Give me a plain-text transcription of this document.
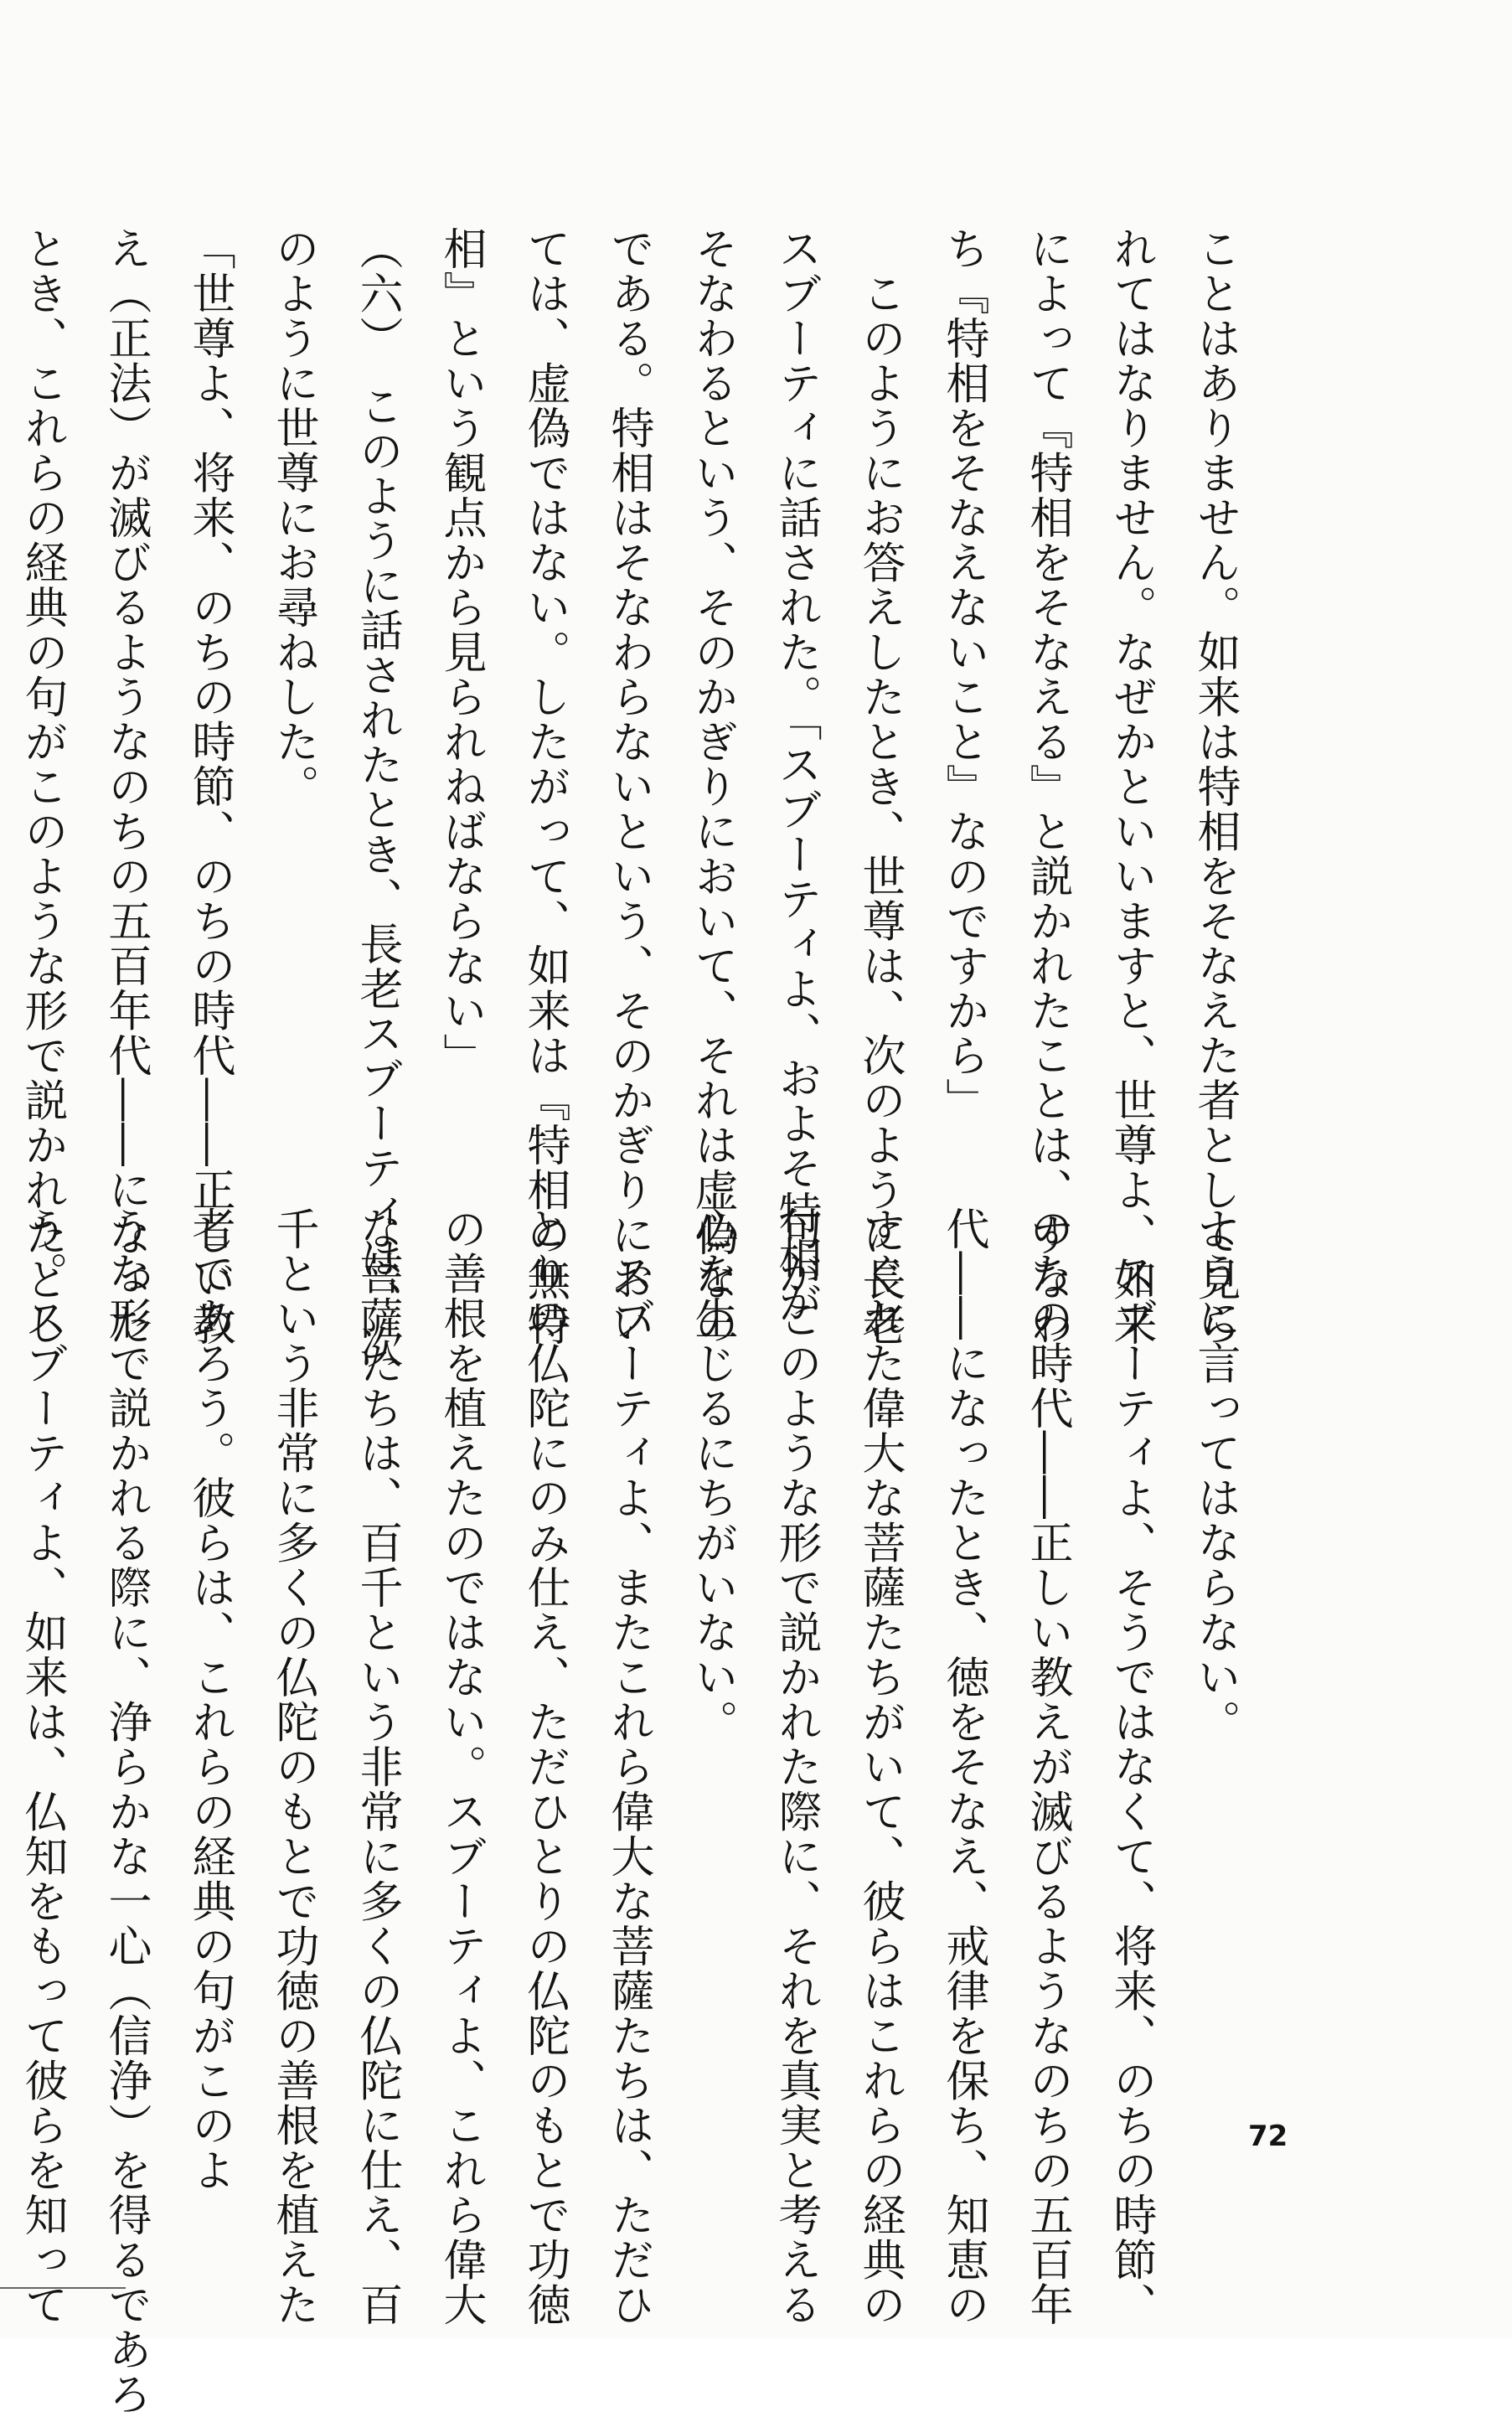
ことはありません。如来は特相をそなえた者として見ら

れてはなりません。なぜかといいますと、世尊よ、如来

によって『特相をそなえる』と説かれたことは、すなわ

ち『特相をそなえないこと』なのですから」

　このようにお答えしたとき、世尊は、次のように長老

スブーティに話された。「スブーティよ、およそ特相が

そなわるという、そのかぎりにおいて、それは虚偽なの

である。特相はそなわらないという、そのかぎりにおい

ては、虚偽ではない。したがって、如来は『特相の無特

相』という観点から見られねばならない」

（六）　このように話されたとき、長老スブーティは、次

のように世尊にお尋ねした。

「世尊よ、将来、のちの時節、のちの時代――正しい教

え（正法）が滅びるようなのちの五百年代――になった

とき、これらの経典の句がこのような形で説かれたとし

ように言ってはならない。

　スブーティよ、そうではなくて、将来、のちの時節、

のちの時代――正しい教えが滅びるようなのちの五百年

代――になったとき、徳をそなえ、戒律を保ち、知恵の

すぐれた偉大な菩薩たちがいて、彼らはこれらの経典の

句がこのような形で説かれた際に、それを真実と考える

心を生じるにちがいない。

　スブーティよ、またこれら偉大な菩薩たちは、ただひ

とりの仏陀にのみ仕え、ただひとりの仏陀のもとで功徳

の善根を植えたのではない。スブーティよ、これら偉大

な菩薩たちは、百千という非常に多くの仏陀に仕え、百

千という非常に多くの仏陀のもとで功徳の善根を植えた

者であろう。彼らは、これらの経典の句がこのよ

うな形で説かれる際に、浄らかな一心（信浄）を得るであろ

う。スブーティよ、如来は、仏知をもって彼らを知って	72
